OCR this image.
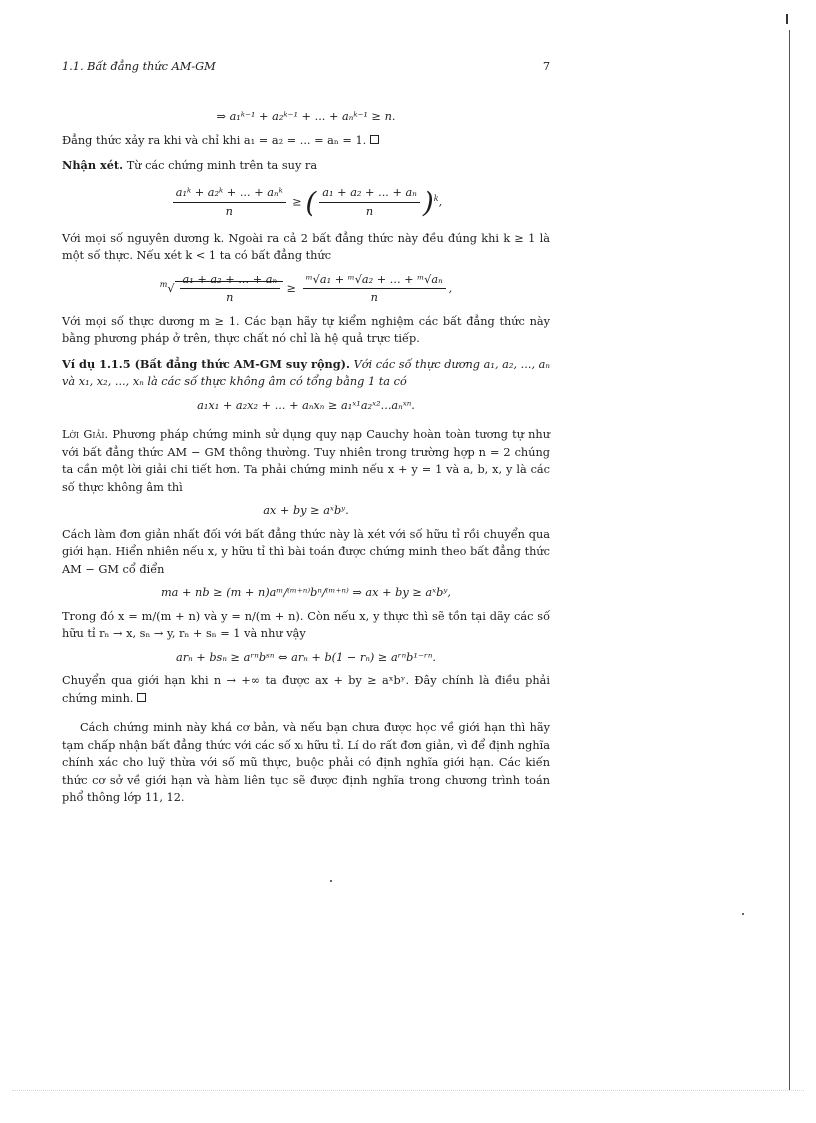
1.1. Bất đẳng thức AM-GM	7
⇒ a₁ᵏ⁻¹ + a₂ᵏ⁻¹ + ... + aₙᵏ⁻¹ ≥ n.

Đẳng thức xảy ra khi và chỉ khi a₁ = a₂ = ... = aₙ = 1.

Nhận xét. Từ các chứng minh trên ta suy ra

$\frac{\text{a₁ᵏ + a₂ᵏ + ... + aₙᵏ}}{n}$ ≥ ( $\frac{\text{a₁ + a₂ + ... + aₙ}}{n} )^k$,

Với mọi số nguyên dương k. Ngoài ra cả 2 bất đẳng thức này đều đúng khi k ≥ 1 là một số thực. Nếu xét k < 1 ta có bất đẳng thức

$^m√ \frac{\text{a₁ + a₂ + ... + aₙ}}{n} \ge \frac{\text{ᵐ√a₁ + ᵐ√a₂ + ... + ᵐ√aₙ}}{n}$ ,

Với mọi số thực dương m ≥ 1. Các bạn hãy tự kiểm nghiệm các bất đẳng thức này bằng phương pháp ở trên, thực chất nó chỉ là hệ quả trực tiếp.

Ví dụ 1.1.5 (Bất đẳng thức AM-GM suy rộng). Với các số thực dương a₁, a₂, ..., aₙ và x₁, x₂, ..., xₙ là các số thực không âm có tổng bằng 1 ta có

a₁x₁ + a₂x₂ + ... + aₙxₙ ≥ a₁ˣ¹a₂ˣ²...aₙˣⁿ.

Lời Giải. Phương pháp chứng minh sử dụng quy nạp Cauchy hoàn toàn tương tự như với bất đẳng thức AM − GM thông thường. Tuy nhiên trong trường hợp n = 2 chúng ta cần một lời giải chi tiết hơn. Ta phải chứng minh nếu x + y = 1 và a, b, x, y là các số thực không âm thì

ax + by ≥ aˣbʸ.

Cách làm đơn giản nhất đối với bất đẳng thức này là xét với số hữu tỉ rồi chuyển qua giới hạn. Hiển nhiên nếu x, y hữu tỉ thì bài toán được chứng minh theo bất đẳng thức AM − GM cổ điển

ma + nb ≥ (m + n)aᵐ/⁽ᵐ⁺ⁿ⁾bⁿ/⁽ᵐ⁺ⁿ⁾ ⇒ ax + by ≥ aˣbʸ,

Trong đó x = m/(m + n) và y = n/(m + n). Còn nếu x, y thực thì sẽ tồn tại dãy các số hữu tỉ rₙ → x, sₙ → y, rₙ + sₙ = 1 và như vậy

arₙ + bsₙ ≥ aʳⁿbˢⁿ ⇔ arₙ + b(1 − rₙ) ≥ aʳⁿb¹⁻ʳⁿ.

Chuyển qua giới hạn khi n → +∞ ta được ax + by ≥ aˣbʸ. Đây chính là điều phải chứng minh.

Cách chứng minh này khá cơ bản, và nếu bạn chưa được học về giới hạn thì hãy tạm chấp nhận bất đẳng thức với các số xᵢ hữu tỉ. Lí do rất đơn giản, vì để định nghĩa chính xác cho luỹ thừa với số mũ thực, buộc phải có định nghĩa giới hạn. Các kiến thức cơ sở về giới hạn và hàm liên tục sẽ được định nghĩa trong chương trình toán phổ thông lớp 11, 12.
